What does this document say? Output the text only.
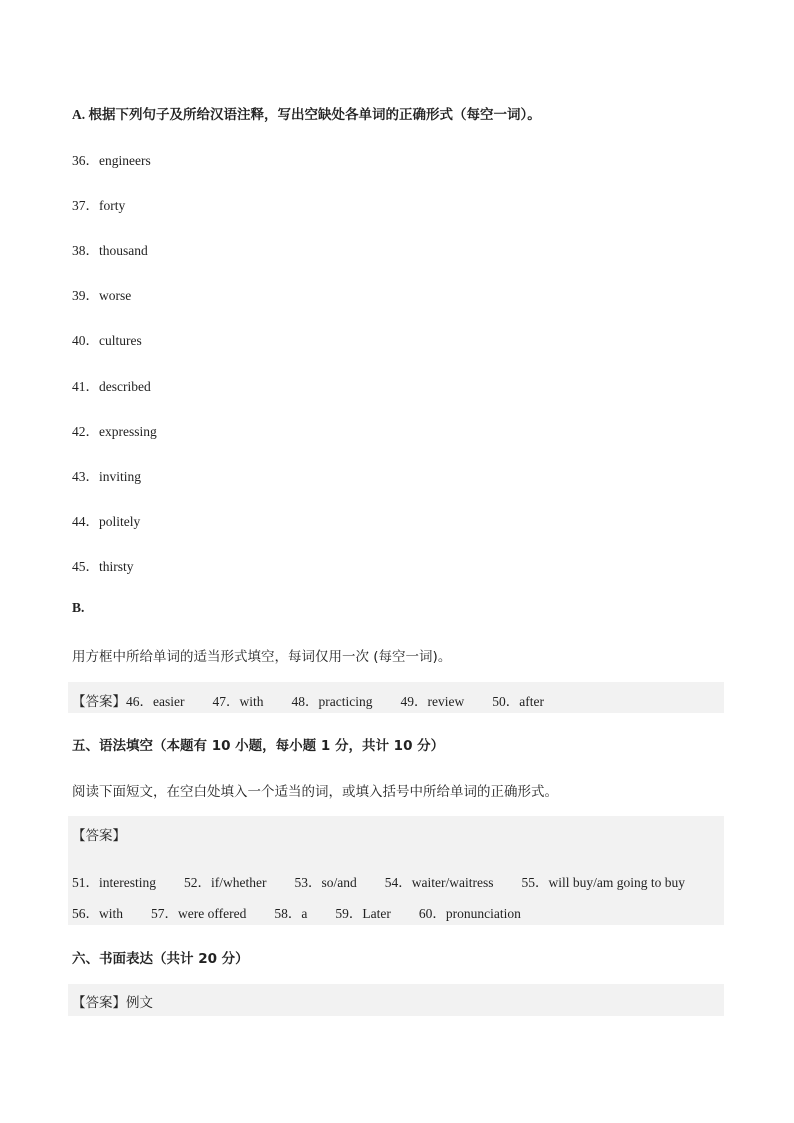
A. 根据下列句子及所给汉语注释，写出空缺处各单词的正确形式（每空一词）。
36．engineers
37．forty
38．thousand
39．worse
40．cultures
41．described
42．expressing
43．inviting
44．politely
45．thirsty
B.
用方框中所给单词的适当形式填空，每词仅用一次 (每空一词)。
【答案】46．easier 47．with 48．practicing 49．review 50．after
五、语法填空（本题有 10 小题，每小题 1 分，共计 10 分）
阅读下面短文，在空白处填入一个适当的词，或填入括号中所给单词的正确形式。
【答案】
51．interesting 52．if/whether 53．so/and 54．waiter/waitress 55．will buy/am going to buy
56．with 57．were offered 58．a 59．Later 60．pronunciation
六、书面表达（共计 20 分）
【答案】例文
